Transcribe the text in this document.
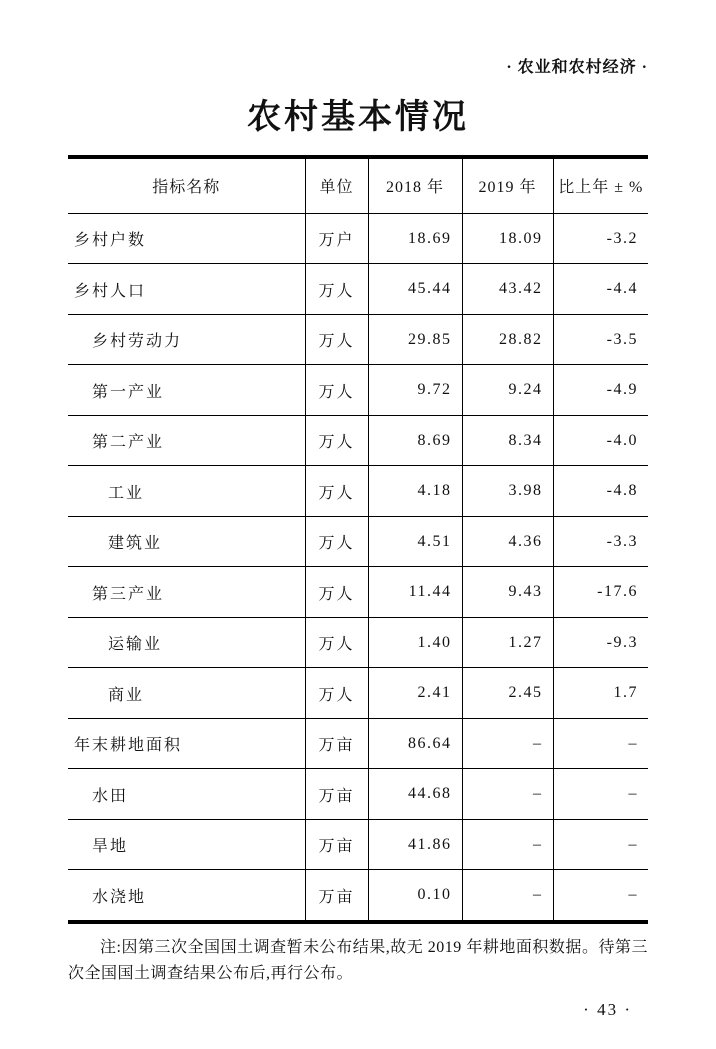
· 农业和农村经济 ·
农村基本情况
指标名称	单位	2018 年	2019 年	比上年 ± %
乡村户数	万户	18.69	18.09	-3.2
乡村人口	万人	45.44	43.42	-4.4
乡村劳动力	万人	29.85	28.82	-3.5
第一产业	万人	9.72	9.24	-4.9
第二产业	万人	8.69	8.34	-4.0
工业	万人	4.18	3.98	-4.8
建筑业	万人	4.51	4.36	-3.3
第三产业	万人	11.44	9.43	-17.6
运输业	万人	1.40	1.27	-9.3
商业	万人	2.41	2.45	1.7
年末耕地面积	万亩	86.64	–	–
水田	万亩	44.68	–	–
旱地	万亩	41.86	–	–
水浇地	万亩	0.10	–	–

注:因第三次全国国土调查暂未公布结果,故无 2019 年耕地面积数据。待第三次全国国土调查结果公布后,再行公布。

· 43 ·
